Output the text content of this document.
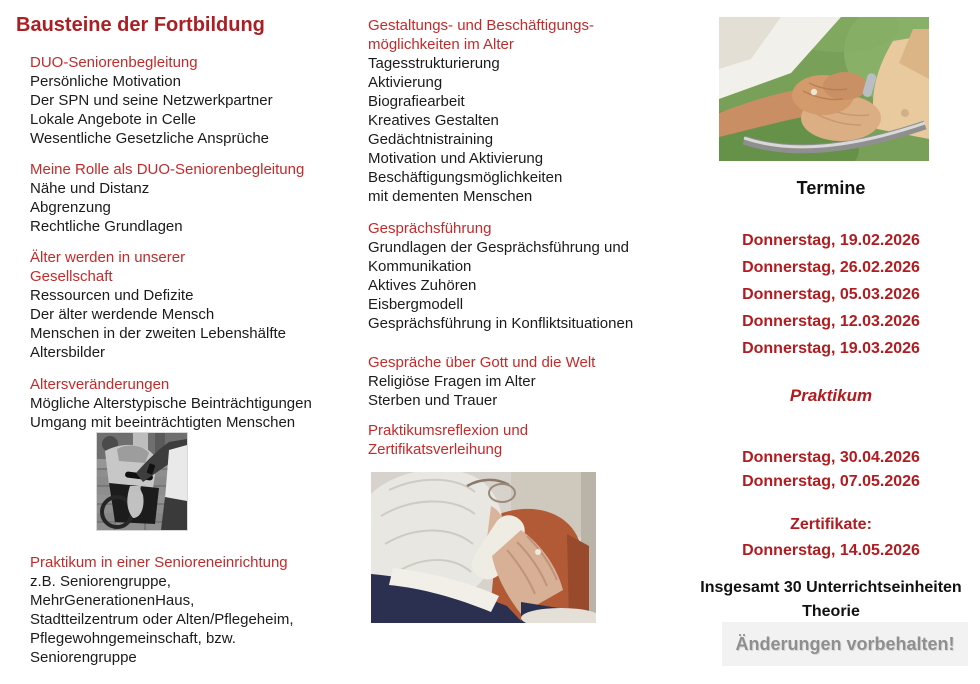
Bausteine der Fortbildung
DUO-Seniorenbegleitung
Persönliche Motivation
Der SPN und seine Netzwerkpartner
Lokale Angebote in Celle
Wesentliche Gesetzliche Ansprüche
Meine Rolle als DUO-Seniorenbegleitung
Nähe und Distanz
Abgrenzung
Rechtliche Grundlagen
Älter werden in unserer
Gesellschaft
Ressourcen und Defizite
Der älter werdende Mensch
Menschen in der zweiten Lebenshälfte
Altersbilder
Altersveränderungen
Mögliche Alterstypische Beinträchtigungen
Umgang mit beeinträchtigten Menschen
Praktikum in einer Senioreneinrichtung
z.B. Seniorengruppe,
MehrGenerationenHaus,
Stadtteilzentrum oder Alten/Pflegeheim,
Pflegewohngemeinschaft, bzw.
Seniorengruppe
Gestaltungs- und Beschäftigungs-
möglichkeiten im Alter
Tagesstrukturierung
Aktivierung
Biografiearbeit
Kreatives Gestalten
Gedächtnistraining
Motivation und Aktivierung
Beschäftigungsmöglichkeiten
mit dementen Menschen
Gesprächsführung
Grundlagen der Gesprächsführung und
Kommunikation
Aktives Zuhören
Eisbergmodell
Gesprächsführung in Konfliktsituationen
Gespräche über Gott und die Welt
Religiöse Fragen im Alter
Sterben und Trauer
Praktikumsreflexion und
Zertifikatsverleihung
Termine
Donnerstag, 19.02.2026
Donnerstag, 26.02.2026
Donnerstag, 05.03.2026
Donnerstag, 12.03.2026
Donnerstag, 19.03.2026
Praktikum
Donnerstag, 30.04.2026
Donnerstag, 07.05.2026
Zertifikate:
Donnerstag, 14.05.2026
Insgesamt 30 Unterrichtseinheiten
Theorie
Änderungen vorbehalten!
